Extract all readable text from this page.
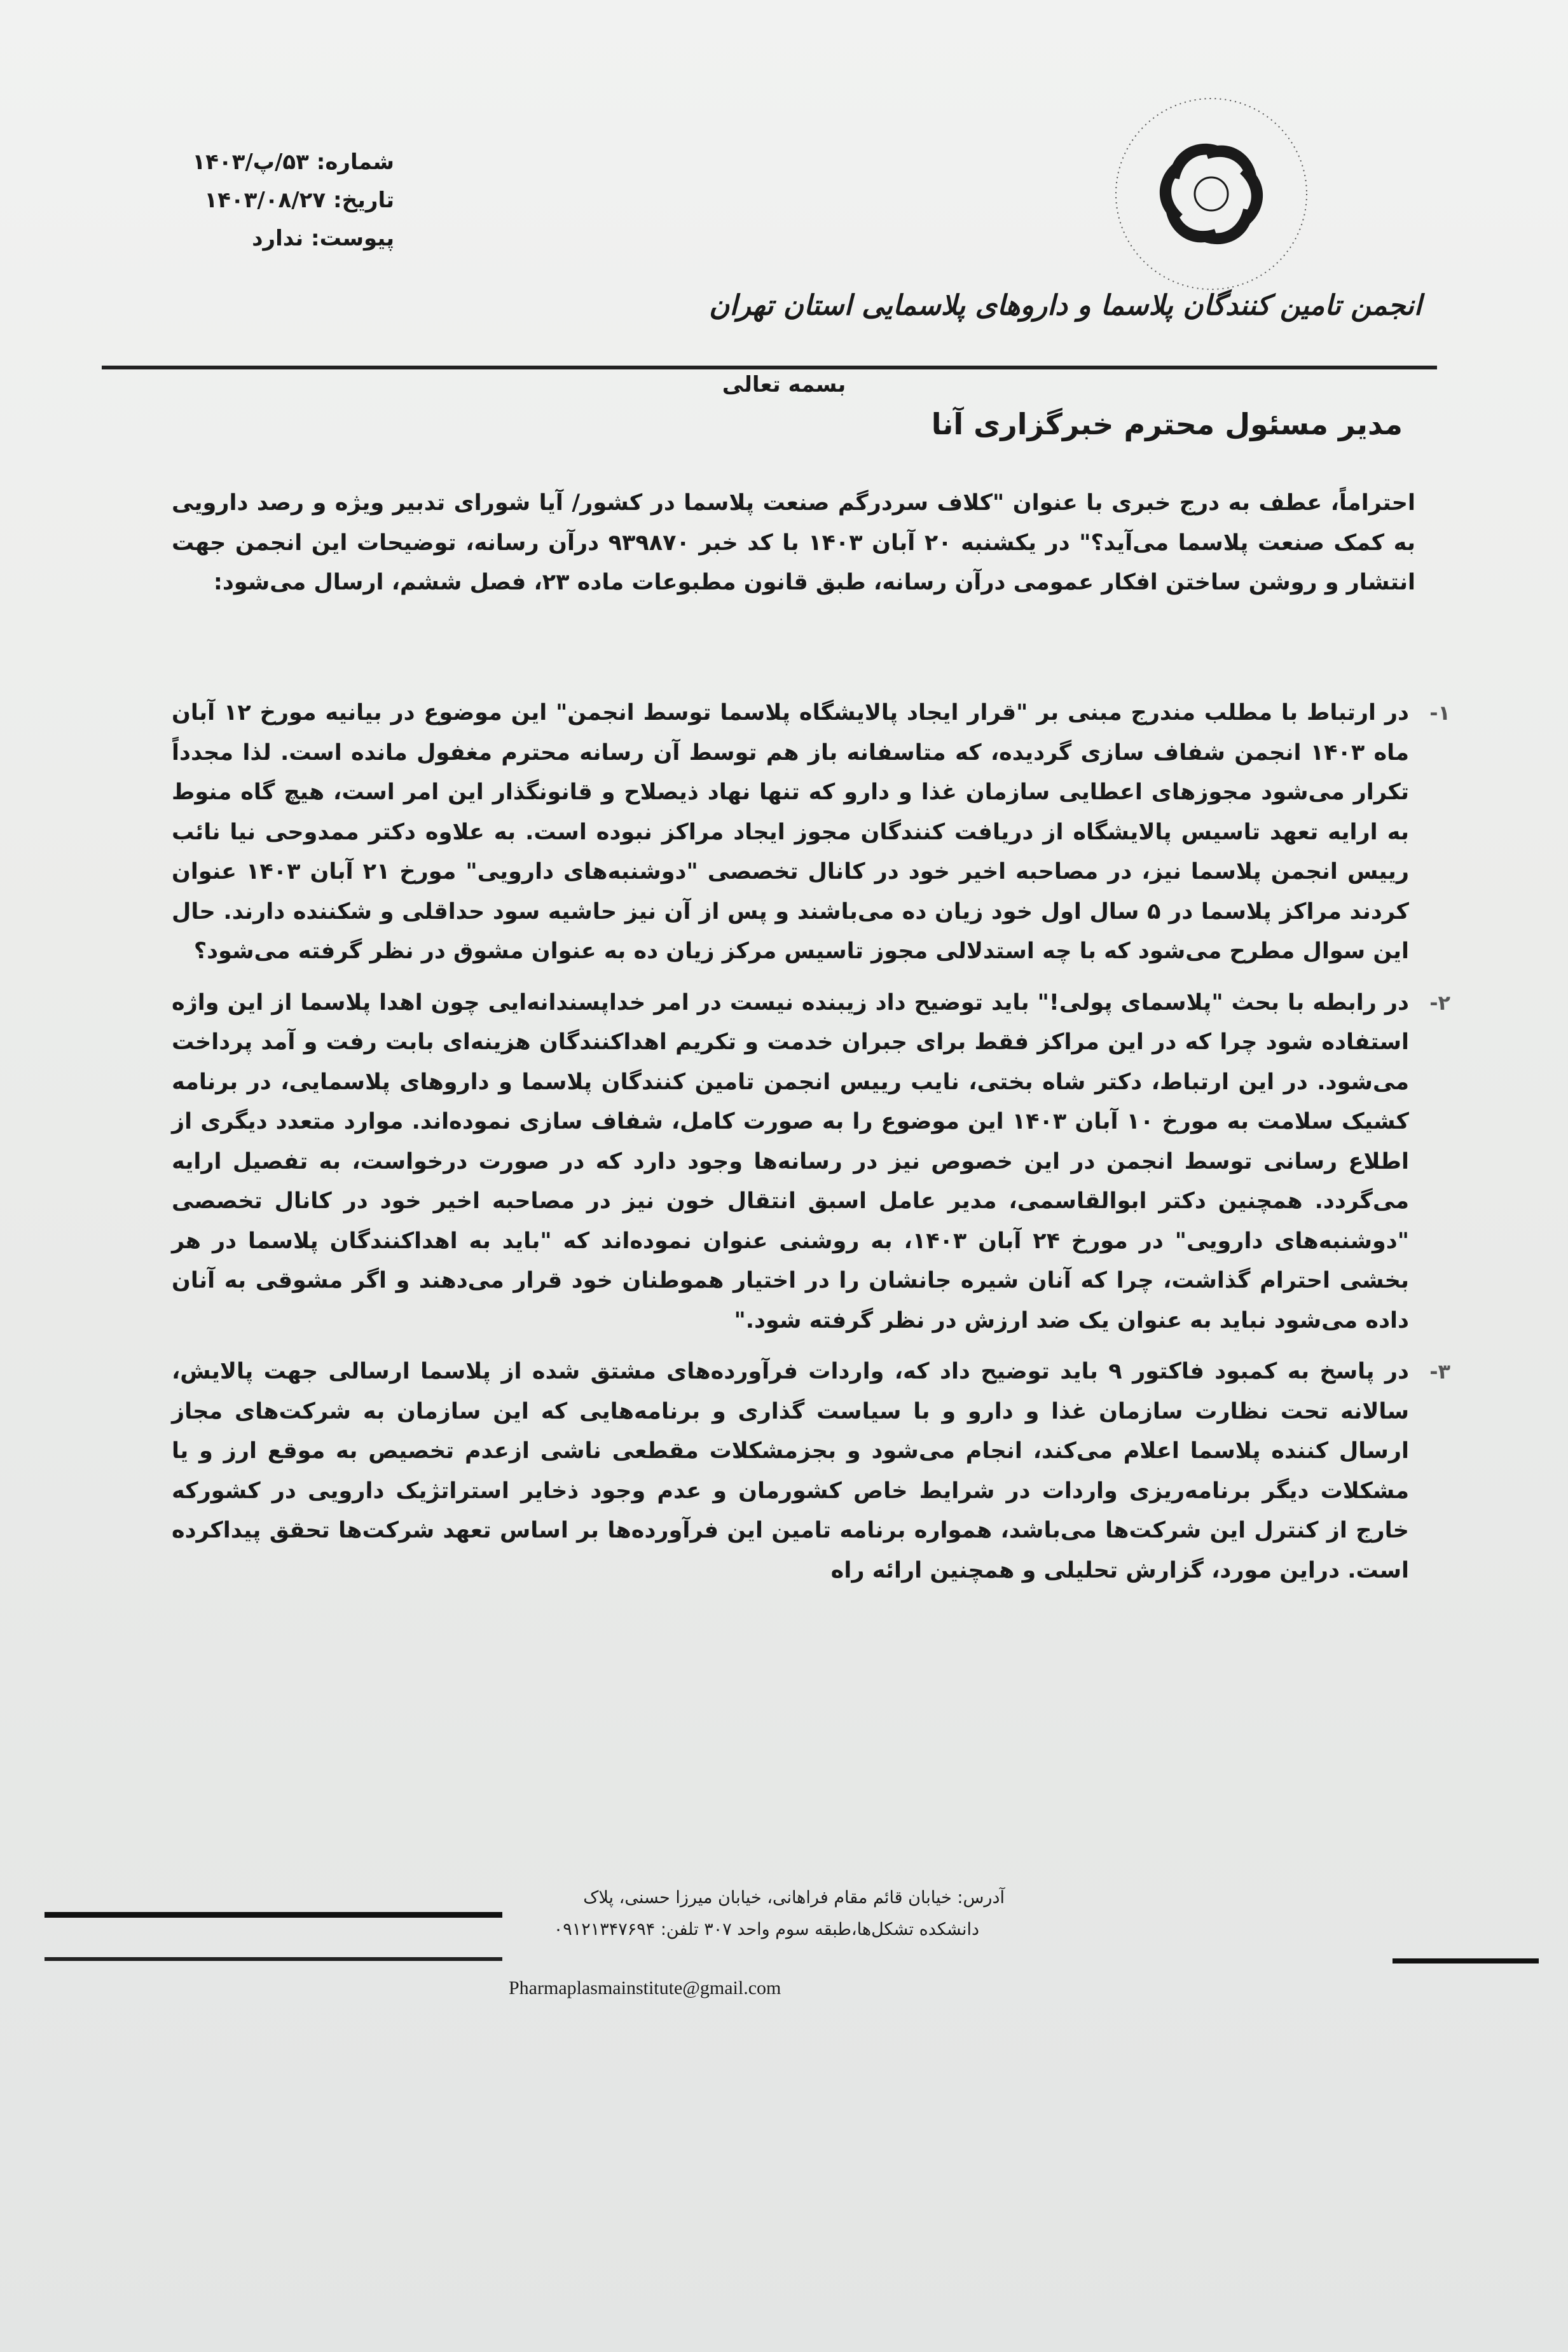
انجمن تامین کنندگان پلاسما و داروهای پلاسمایی استان تهران
شماره: ۵۳/پ/۱۴۰۳
تاریخ: ۱۴۰۳/۰۸/۲۷
پیوست: ندارد
بسمه تعالی
مدیر مسئول محترم خبرگزاری آنا

احتراماً، عطف به درج خبری با عنوان "کلاف سردرگم صنعت پلاسما در کشور/ آیا شورای تدبیر ویژه و رصد دارویی به کمک صنعت پلاسما می‌آید؟" در یکشنبه ۲۰ آبان ۱۴۰۳ با کد خبر ۹۳۹۸۷۰ درآن رسانه، توضیحات این انجمن جهت انتشار و روشن ساختن افکار عمومی درآن رسانه، طبق قانون مطبوعات ماده ۲۳، فصل ششم، ارسال می‌شود:

۱-
در ارتباط با مطلب مندرج مبنی بر "قرار ایجاد پالایشگاه پلاسما توسط انجمن" این موضوع در بیانیه مورخ ۱۲ آبان ماه ۱۴۰۳ انجمن شفاف سازی گردیده، که متاسفانه باز هم توسط آن رسانه محترم مغفول مانده است. لذا مجدداً تکرار می‌شود مجوزهای اعطایی سازمان غذا و دارو که تنها نهاد ذیصلاح و قانونگذار این امر است، هیچ گاه منوط به ارایه تعهد تاسیس پالایشگاه از دریافت کنندگان مجوز ایجاد مراکز نبوده است. به علاوه دکتر ممدوحی نیا نائب رییس انجمن پلاسما نیز، در مصاحبه اخیر خود در کانال تخصصی "دوشنبه‌های دارویی" مورخ ۲۱ آبان ۱۴۰۳ عنوان کردند مراکز پلاسما در ۵ سال اول خود زیان ده می‌باشند و پس از آن نیز حاشیه سود حداقلی و شکننده دارند. حال این سوال مطرح می‌شود که با چه استدلالی مجوز تاسیس مرکز زیان ده به عنوان مشوق در نظر گرفته می‌شود؟
۲-
در رابطه با بحث "پلاسمای پولی!" باید توضیح داد زیبنده نیست در امر خداپسندانه‌ایی چون اهدا پلاسما از این واژه استفاده شود چرا که در این مراکز فقط برای جبران خدمت و تکریم اهداکنندگان هزینه‌ای بابت رفت و آمد پرداخت می‌شود. در این ارتباط، دکتر شاه بختی، نایب رییس انجمن تامین کنندگان پلاسما و داروهای پلاسمایی، در برنامه کشیک سلامت به مورخ ۱۰ آبان ۱۴۰۳ این موضوع را به صورت کامل، شفاف سازی نموده‌اند. موارد متعدد دیگری از اطلاع رسانی توسط انجمن در این خصوص نیز در رسانه‌ها وجود دارد که در صورت درخواست، به تفصیل ارایه می‌گردد. همچنین دکتر ابوالقاسمی، مدیر عامل اسبق انتقال خون نیز در مصاحبه اخیر خود در کانال تخصصی "دوشنبه‌های دارویی" در مورخ ۲۴ آبان ۱۴۰۳، به روشنی عنوان نموده‌اند که "باید به اهداکنندگان پلاسما در هر بخشی احترام گذاشت، چرا که آنان شیره جانشان را در اختیار هموطنان خود قرار می‌دهند و اگر مشوقی به آنان داده می‌شود نباید به عنوان یک ضد ارزش در نظر گرفته شود."
۳-
در پاسخ به کمبود فاکتور ۹ باید توضیح داد که، واردات فرآورده‌های مشتق شده از پلاسما ارسالی جهت پالایش، سالانه تحت نظارت سازمان غذا و دارو و با سیاست گذاری و برنامه‌هایی که این سازمان به شرکت‌های مجاز ارسال کننده پلاسما اعلام می‌کند، انجام می‌شود و بجزمشکلات مقطعی ناشی ازعدم تخصیص به موقع ارز و یا مشکلات دیگر برنامه‌ریزی واردات در شرایط خاص کشورمان و عدم وجود ذخایر استراتژیک دارویی در کشورکه خارج از کنترل این شرکت‌ها می‌باشد، همواره برنامه تامین این فرآورده‌ها بر اساس تعهد شرکت‌ها تحقق پیداکرده است. دراین مورد، گزارش تحلیلی و همچنین ارائه راه
آدرس: خیابان قائم مقام فراهانی، خیابان میرزا حسنی، پلاک
دانشکده تشکل‌ها،طبقه سوم واحد ۳۰۷ تلفن: ۰۹۱۲۱۳۴۷۶۹۴
Pharmaplasmainstitute@gmail.com
